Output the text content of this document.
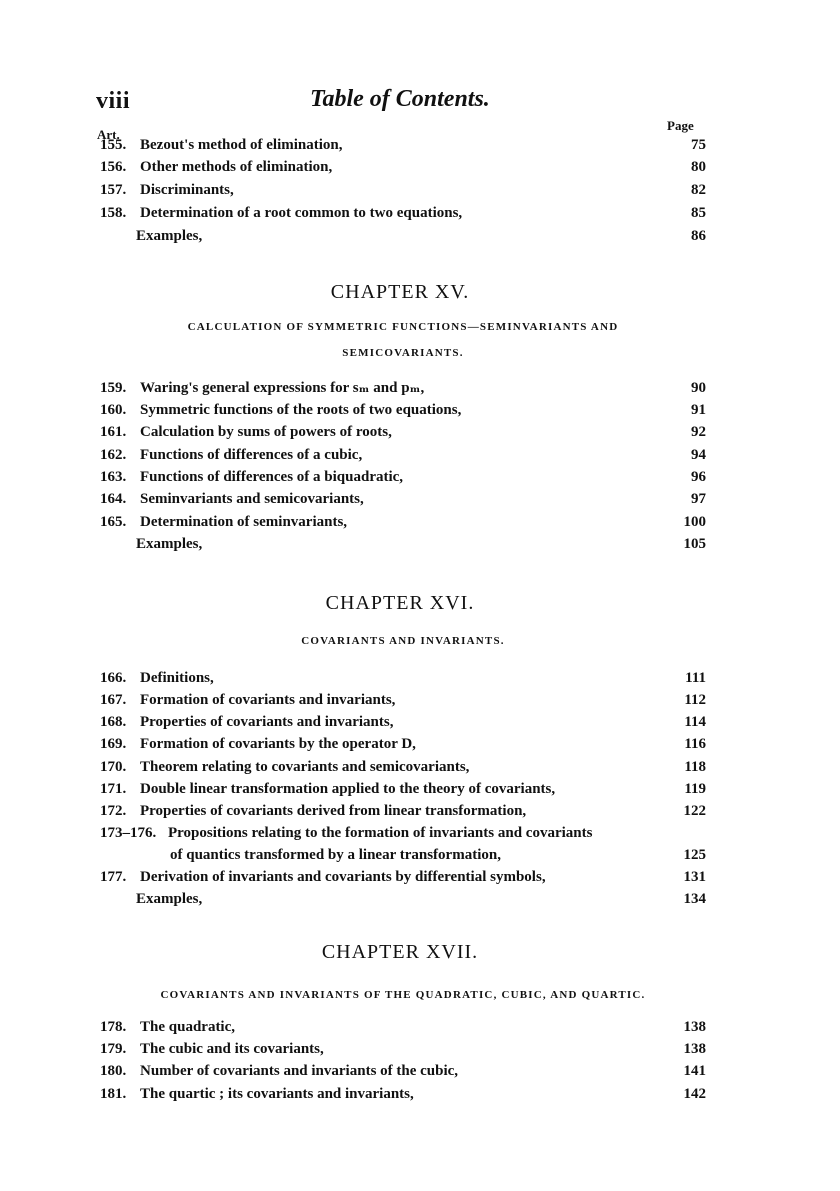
viii	Table of Contents.
Art.
Page
155. Bezout's method of elimination,	75
156. Other methods of elimination,	80
157. Discriminants,	82
158. Determination of a root common to two equations,	85
Examples,	86
CHAPTER XV.
CALCULATION OF SYMMETRIC FUNCTIONS—SEMINVARIANTS AND
SEMICOVARIANTS.
159. Waring's general expressions for sₘ and pₘ,	90
160. Symmetric functions of the roots of two equations,	91
161. Calculation by sums of powers of roots,	92
162. Functions of differences of a cubic,	94
163. Functions of differences of a biquadratic,	96
164. Seminvariants and semicovariants,	97
165. Determination of seminvariants,	100
Examples,	105
CHAPTER XVI.
COVARIANTS AND INVARIANTS.
166. Definitions,	111
167. Formation of covariants and invariants,	112
168. Properties of covariants and invariants,	114
169. Formation of covariants by the operator D,	116
170. Theorem relating to covariants and semicovariants,	118
171. Double linear transformation applied to the theory of covariants,	119
172. Properties of covariants derived from linear transformation,	122
173–176. Propositions relating to the formation of invariants and covariants
of quantics transformed by a linear transformation,	125
177. Derivation of invariants and covariants by differential symbols,	131
Examples,	134
CHAPTER XVII.
COVARIANTS AND INVARIANTS OF THE QUADRATIC, CUBIC, AND QUARTIC.
178. The quadratic,	138
179. The cubic and its covariants,	138
180. Number of covariants and invariants of the cubic,	141
181. The quartic ; its covariants and invariants,	142
